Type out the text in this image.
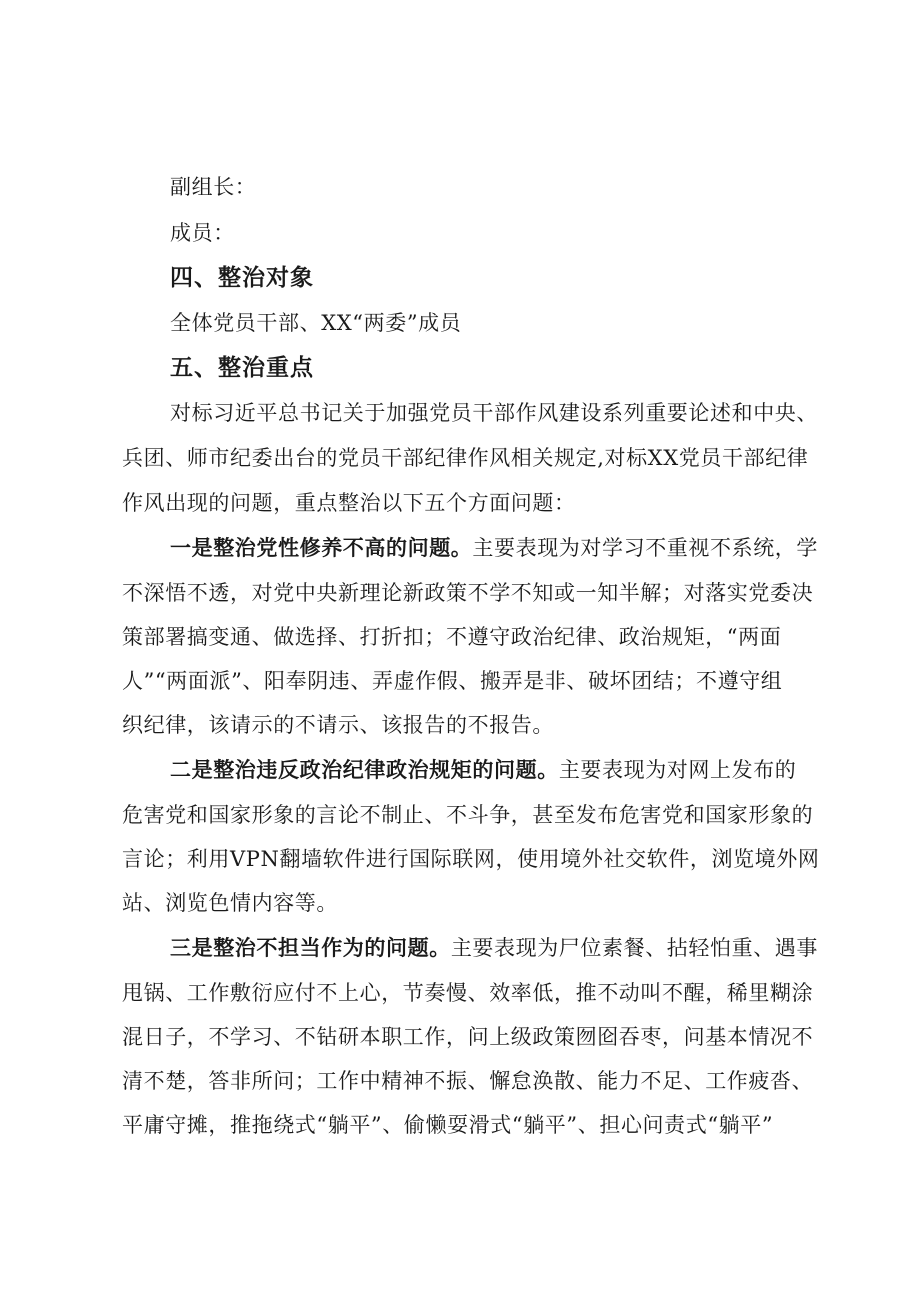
副组长：
成员：
四、整治对象
全体党员干部、XX“两委”成员
五、整治重点
对标习近平总书记关于加强党员干部作风建设系列重要论述和中央、
兵团、师市纪委出台的党员干部纪律作风相关规定,对标XX党员干部纪律
作风出现的问题，重点整治以下五个方面问题：
一是整治党性修养不高的问题。主要表现为对学习不重视不系统，学
不深悟不透，对党中央新理论新政策不学不知或一知半解；对落实党委决
策部署搞变通、做选择、打折扣；不遵守政治纪律、政治规矩，“两面
人”“两面派”、阳奉阴违、弄虚作假、搬弄是非、破坏团结；不遵守组
织纪律，该请示的不请示、该报告的不报告。
二是整治违反政治纪律政治规矩的问题。主要表现为对网上发布的
危害党和国家形象的言论不制止、不斗争，甚至发布危害党和国家形象的
言论；利用VPN翻墙软件进行国际联网，使用境外社交软件，浏览境外网
站、浏览色情内容等。
三是整治不担当作为的问题。主要表现为尸位素餐、拈轻怕重、遇事
甩锅、工作敷衍应付不上心，节奏慢、效率低，推不动叫不醒，稀里糊涂
混日子，不学习、不钻研本职工作，问上级政策囫囵吞枣，问基本情况不
清不楚，答非所问；工作中精神不振、懈怠涣散、能力不足、工作疲沓、
平庸守摊，推拖绕式“躺平”、偷懒耍滑式“躺平”、担心问责式“躺平”
